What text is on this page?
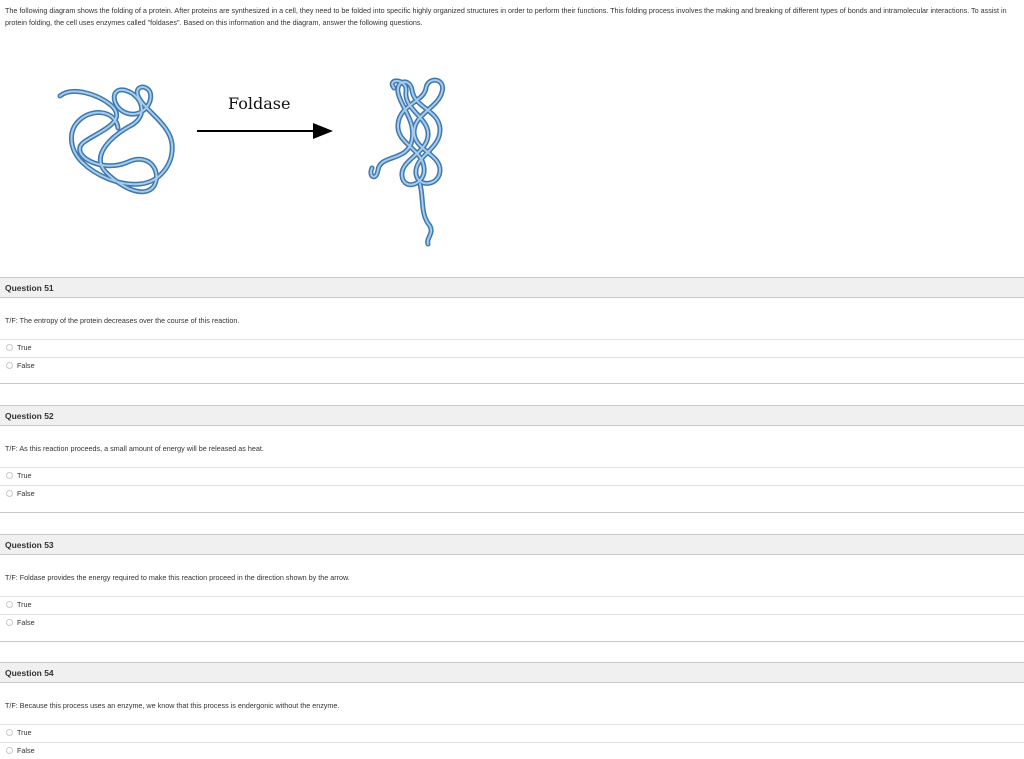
The following diagram shows the folding of a protein. After proteins are synthesized in a cell, they need to be folded into specific highly organized structures in order to perform their functions. This folding process involves the making and breaking of different types of bonds and intramolecular interactions. To assist in protein folding, the cell uses enzymes called "foldases". Based on this information and the diagram, answer the following questions.
Foldase
Question 51
T/F: The entropy of the protein decreases over the course of this reaction.
True
False
Question 52
T/F: As this reaction proceeds, a small amount of energy will be released as heat.
True
False
Question 53
T/F: Foldase provides the energy required to make this reaction proceed in the direction shown by the arrow.
True
False
Question 54
T/F: Because this process uses an enzyme, we know that this process is endergonic without the enzyme.
True
False
